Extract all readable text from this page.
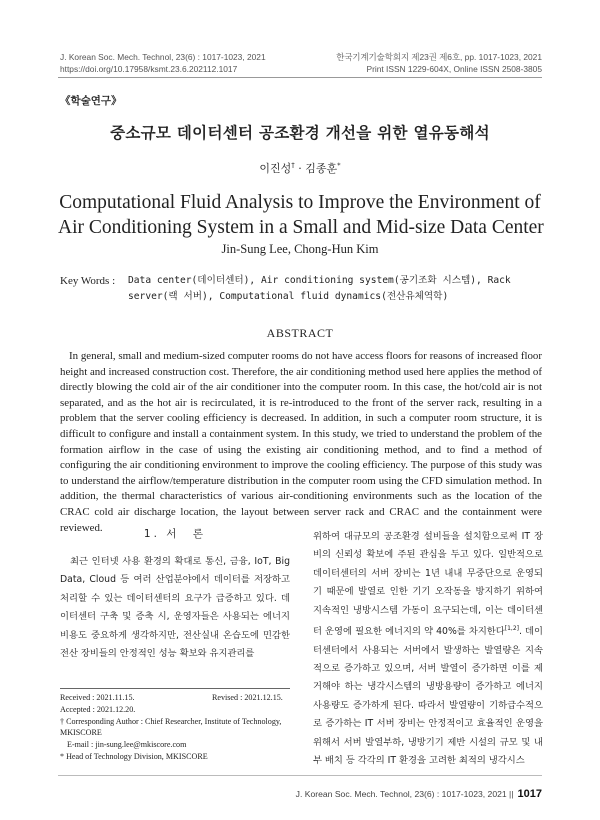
J. Korean Soc. Mech. Technol, 23(6) : 1017-1023, 2021
https://doi.org/10.17958/ksmt.23.6.202112.1017
한국기계기술학회지 제23권 제6호, pp. 1017-1023, 2021
Print ISSN 1229-604X, Online ISSN 2508-3805
《학술연구》
중소규모 데이터센터 공조환경 개선을 위한 열유동해석
이진성† · 김종훈*
Computational Fluid Analysis to Improve the Environment of
Air Conditioning System in a Small and Mid-size Data Center
Jin-Sung Lee, Chong-Hun Kim
Key Words : Data center(데이터센터), Air conditioning system(공기조화 시스템), Rack server(랙 서버), Computational fluid dynamics(전산유체역학)
ABSTRACT
In general, small and medium-sized computer rooms do not have access floors for reasons of increased floor height and increased construction cost. Therefore, the air conditioning method used here applies the method of directly blowing the cold air of the air conditioner into the computer room. In this case, the hot/cold air is not separated, and as the hot air is recirculated, it is re-introduced to the front of the server rack, resulting in a problem that the server cooling efficiency is decreased. In addition, in such a computer room structure, it is difficult to configure and install a containment system. In this study, we tried to understand the problem of the formation airflow in the case of using the existing air conditioning method, and to find a method of configuring the air conditioning environment to improve the cooling efficiency. The purpose of this study was to understand the airflow/temperature distribution in the computer room using the CFD simulation method. In addition, the thermal characteristics of various air-conditioning environments such as the location of the CRAC cold air discharge location, the layout between server rack and CRAC and the containment were reviewed.
1. 서　론

최근 인터넷 사용 환경의 확대로 통신, 금융, IoT, Big Data, Cloud 등 여러 산업분야에서 데이터를 저장하고 처리할 수 있는 데이터센터의 요구가 급증하고 있다. 데이터센터 구축 및 증축 시, 운영자들은 사용되는 에너지 비용도 중요하게 생각하지만, 전산실내 온습도에 민감한 전산 장비들의 안정적인 성능 확보와 유지관리를

위하여 대규모의 공조환경 설비들을 설치함으로써 IT 장비의 신뢰성 확보에 주된 관심을 두고 있다. 일반적으로 데이터센터의 서버 장비는 1년 내내 무중단으로 운영되기 때문에 발열로 인한 기기 오작동을 방지하기 위하여 지속적인 냉방시스템 가동이 요구되는데, 이는 데이터센터 운영에 필요한 에너지의 약 40%를 차지한다[1,2]. 데이터센터에서 사용되는 서버에서 발생하는 발열량은 지속적으로 증가하고 있으며, 서버 발열이 증가하면 이를 제거해야 하는 냉각시스템의 냉방용량이 증가하고 에너지 사용량도 증가하게 된다. 따라서 발열량이 기하급수적으로 증가하는 IT 서버 장비는 안정적이고 효율적인 운영을 위해서 서버 발열부하, 냉방기기 제반 시설의 규모 및 내부 배치 등 각각의 IT 환경을 고려한 최적의 냉각시스

Received : 2021.11.15.	Revised : 2021.12.15.
Accepted : 2021.12.20.
† Corresponding Author : Chief Researcher, Institute of Technology, MKISCORE
E-mail : jin-sung.lee@mkiscore.com
* Head of Technology Division, MKISCORE
J. Korean Soc. Mech. Technol, 23(6) : 1017-1023, 2021 || 1017
